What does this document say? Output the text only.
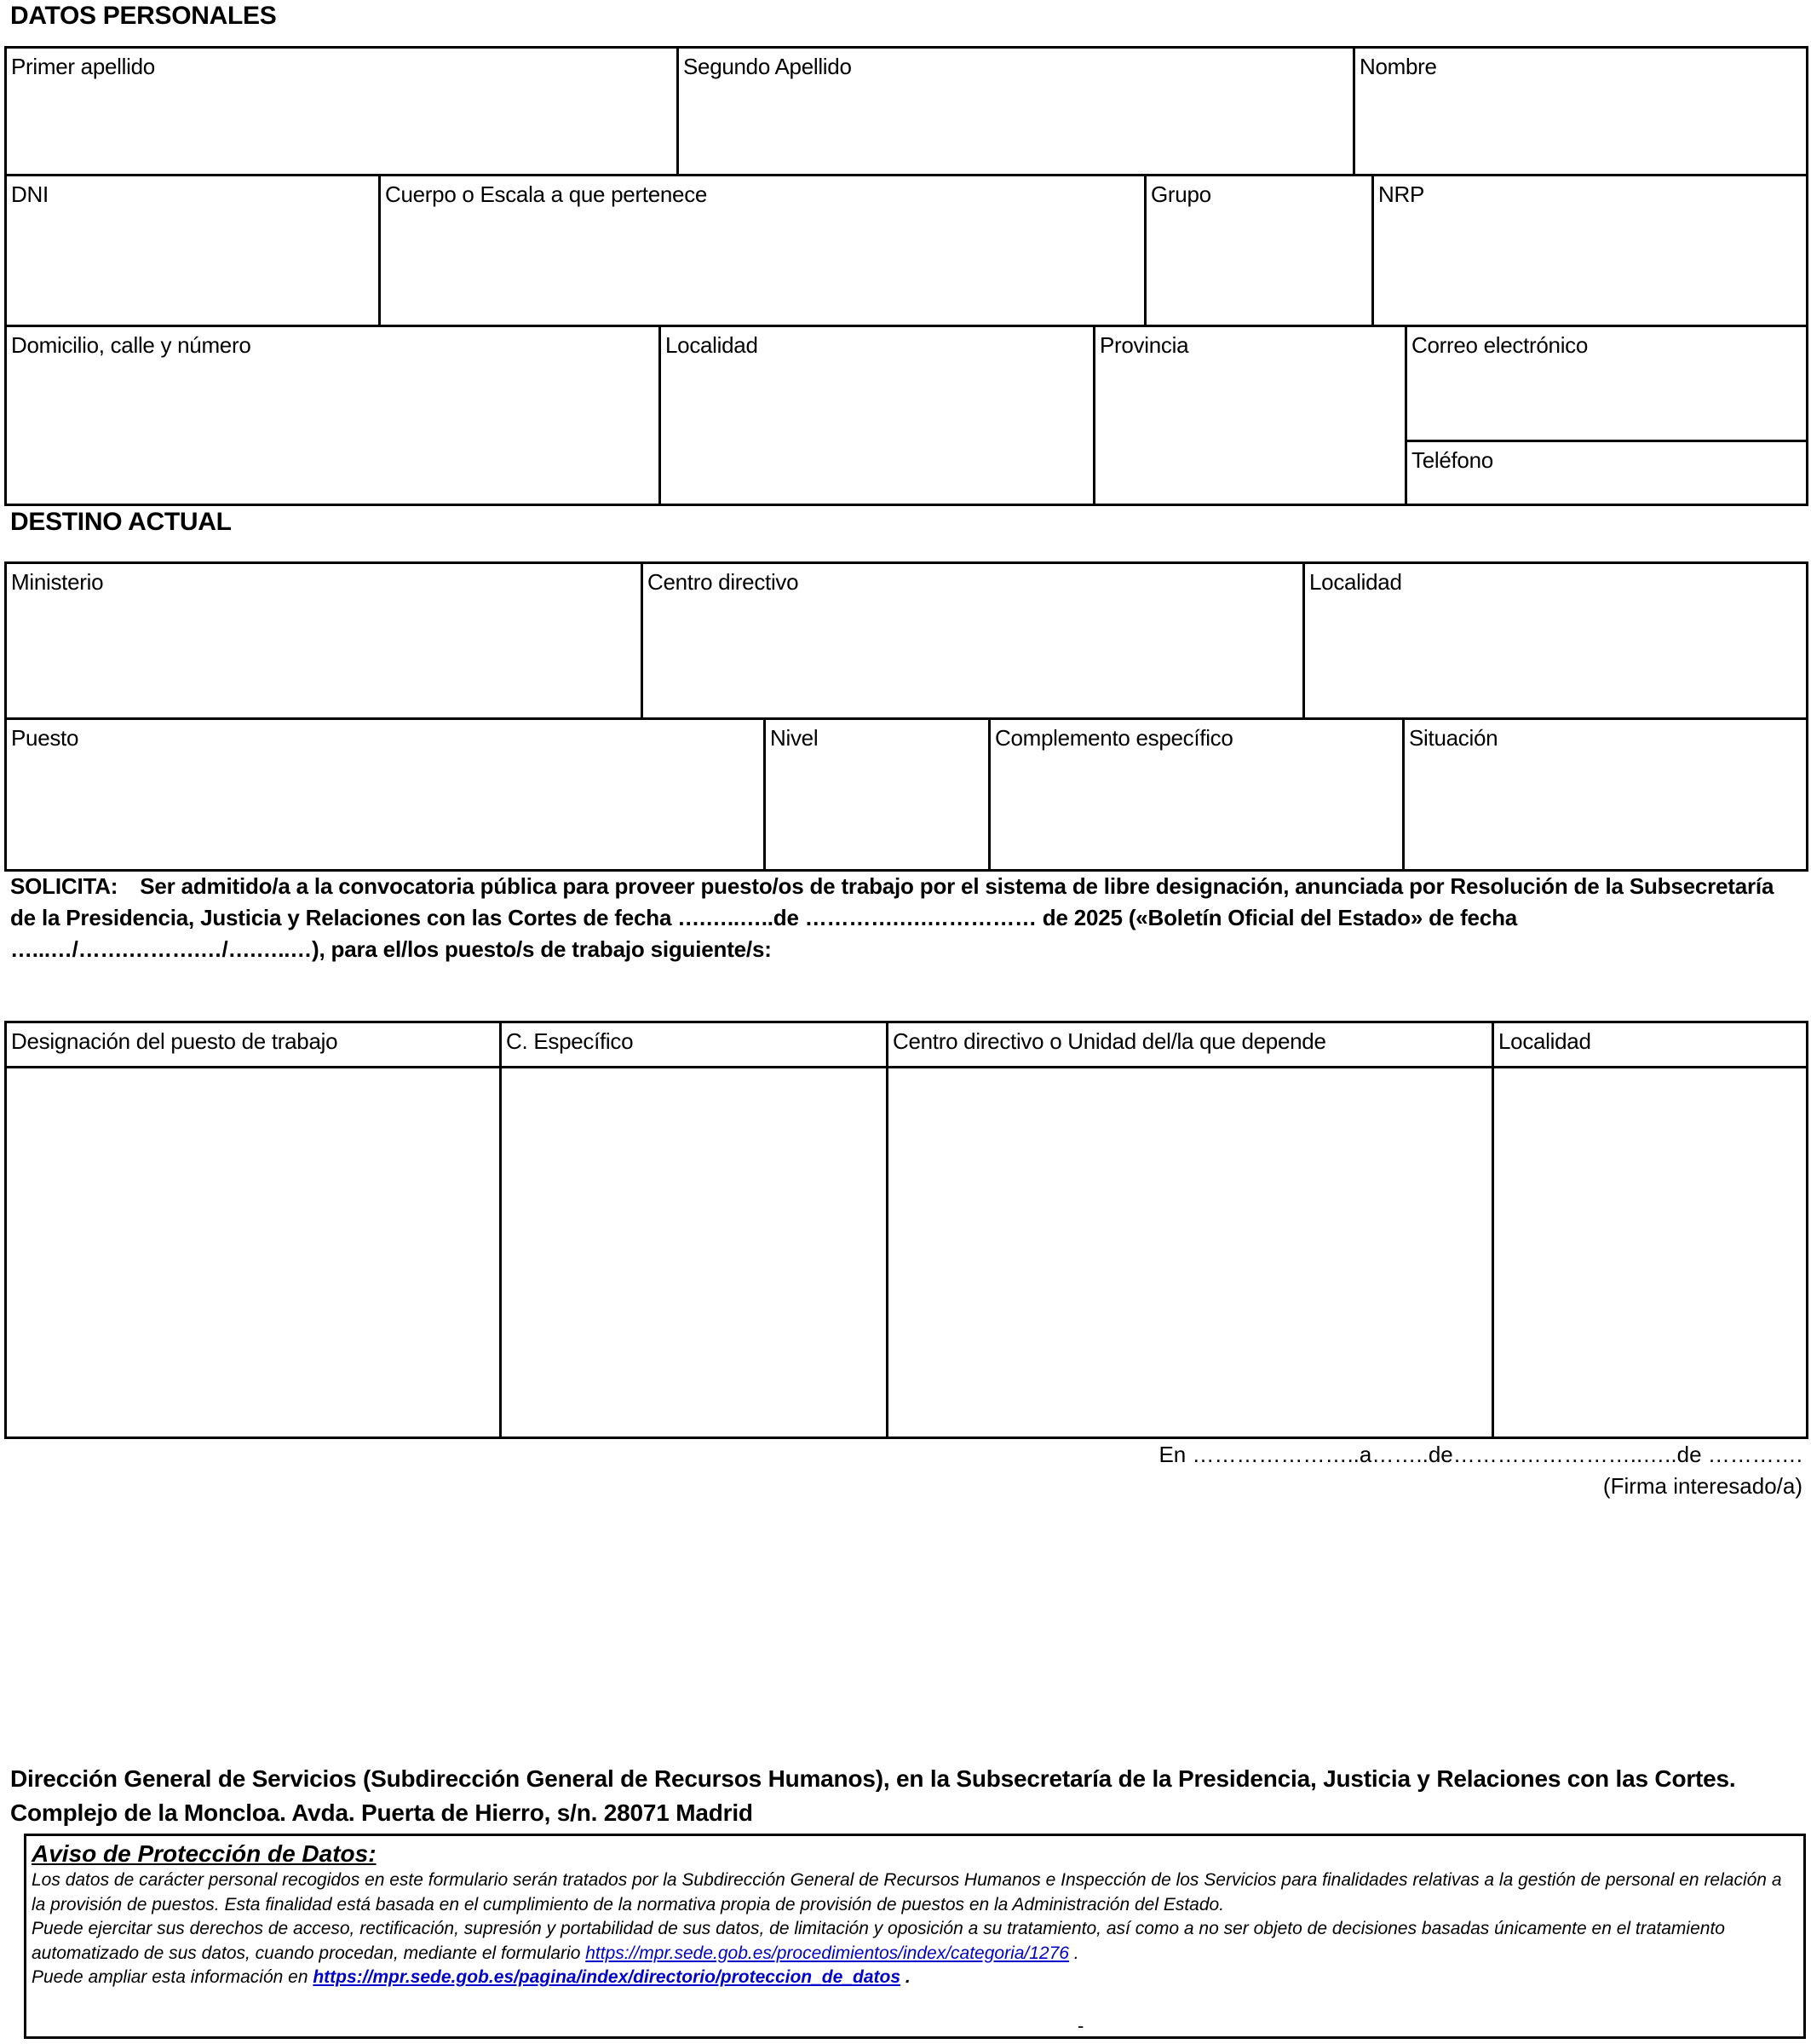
DATOS PERSONALES
Primer apellido	Segundo Apellido	Nombre
DNI	Cuerpo o Escala a que pertenece	Grupo	NRP
Domicilio, calle y número	Localidad	Provincia	Correo electrónico
Teléfono
DESTINO ACTUAL
Ministerio	Centro directivo	Localidad
Puesto	Nivel	Complemento específico	Situación
SOLICITA: Ser admitido/a a la convocatoria pública para proveer puesto/os de trabajo por el sistema de libre designación, anunciada por Resolución de la Subsecretaría de la Presidencia, Justicia y Relaciones con las Cortes de fecha ….…..…..de ………….….…………… de 2025 («Boletín Oficial del Estado» de fecha …...…/…….……….…/….…..…), para el/los puesto/s de trabajo siguiente/s:
Designación del puesto de trabajo	C. Específico	Centro directivo o Unidad del/la que depende	Localidad
En …………………..a……..de……………………..…..de ………….
(Firma interesado/a)
Dirección General de Servicios (Subdirección General de Recursos Humanos), en la Subsecretaría de la Presidencia, Justicia y Relaciones con las Cortes.
Complejo de la Moncloa. Avda. Puerta de Hierro, s/n. 28071 Madrid
Aviso de Protección de Datos:

Los datos de carácter personal recogidos en este formulario serán tratados por la Subdirección General de Recursos Humanos e Inspección de los Servicios para finalidades relativas a la gestión de personal en relación a la provisión de puestos. Esta finalidad está basada en el cumplimiento de la normativa propia de provisión de puestos en la Administración del Estado.

Puede ejercitar sus derechos de acceso, rectificación, supresión y portabilidad de sus datos, de limitación y oposición a su tratamiento, así como a no ser objeto de decisiones basadas únicamente en el tratamiento automatizado de sus datos, cuando procedan, mediante el formulario https://mpr.sede.gob.es/procedimientos/index/categoria/1276 .

Puede ampliar esta información en https://mpr.sede.gob.es/pagina/index/directorio/proteccion_de_datos .

-
